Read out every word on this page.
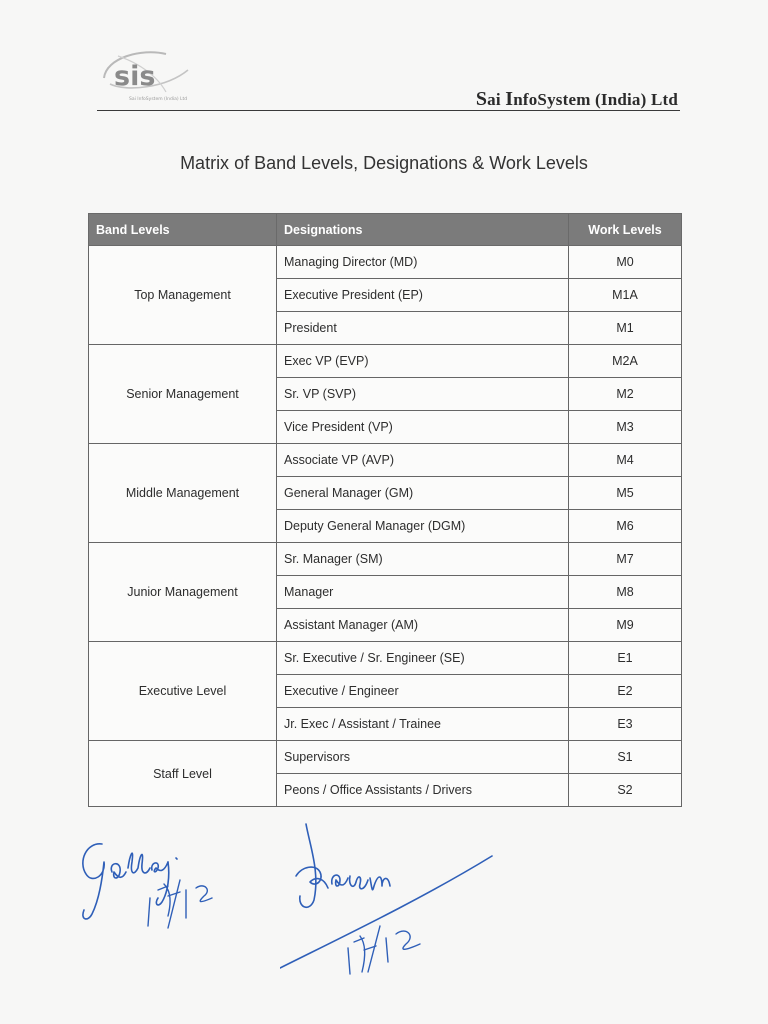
sis
Sai InfoSystem (India) Ltd	Sai InfoSystem (India) Ltd
Matrix of Band Levels, Designations & Work Levels
Band Levels	Designations	Work Levels
Top Management	Managing Director (MD)	M0
	Executive President (EP)	M1A
	President	M1
Senior Management	Exec VP (EVP)	M2A
	Sr. VP (SVP)	M2
	Vice President (VP)	M3
Middle Management	Associate VP (AVP)	M4
	General Manager (GM)	M5
	Deputy General Manager (DGM)	M6
Junior Management	Sr. Manager (SM)	M7
	Manager	M8
	Assistant Manager (AM)	M9
Executive Level	Sr. Executive / Sr. Engineer (SE)	E1
	Executive / Engineer	E2
	Jr. Exec / Assistant / Trainee	E3
Staff Level	Supervisors	S1
	Peons / Office Assistants / Drivers	S2
1/7/12
1/7/12
